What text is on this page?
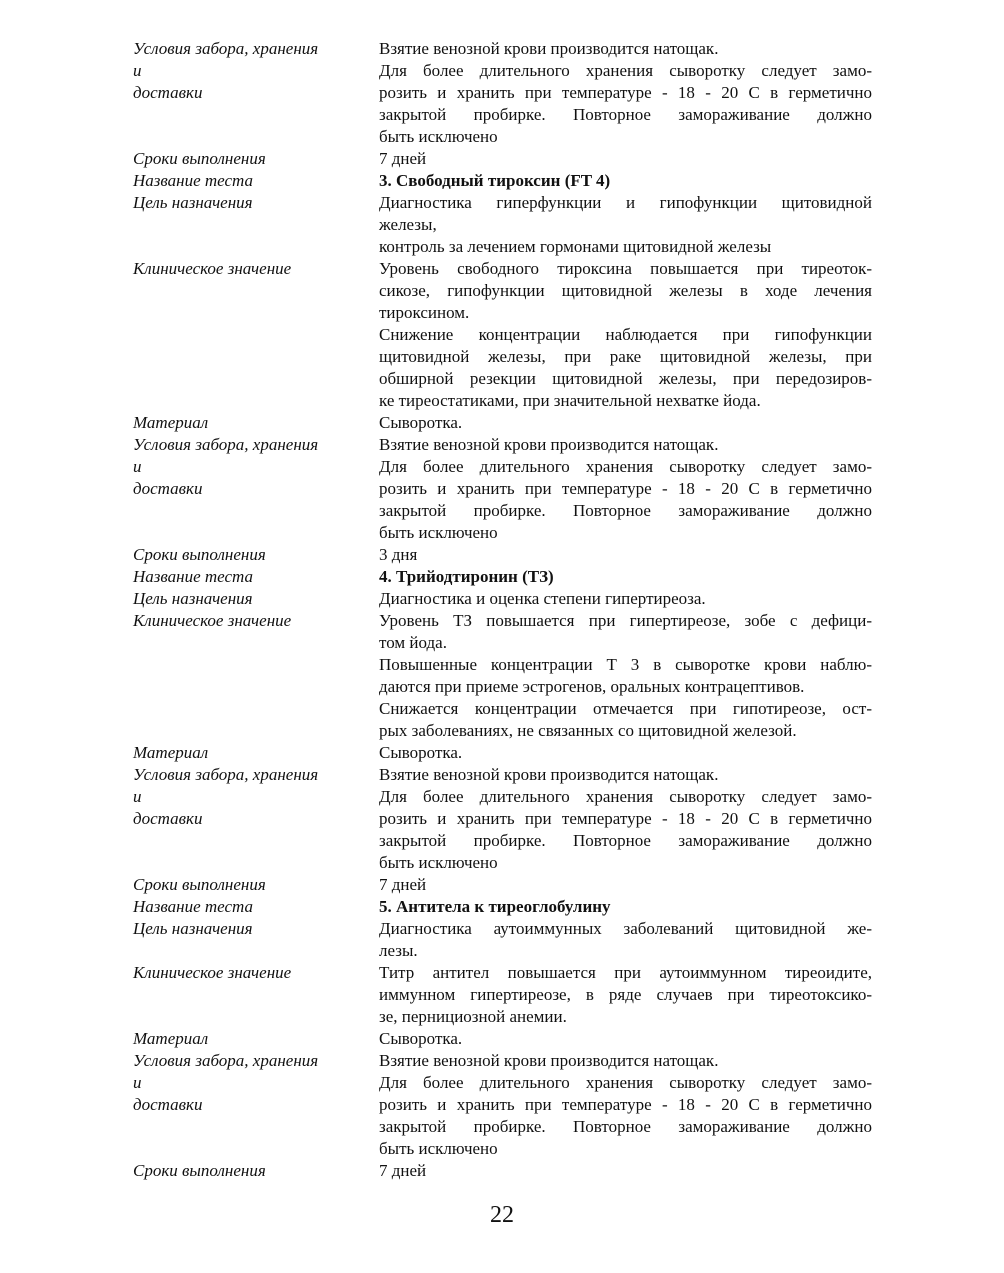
Условия забора, хранения	Взятие венозной крови производится натощак.
и	Для более длительного хранения сыворотку следует замо-
доставки	розить и хранить при температуре - 18 - 20 С в герметично
закрытой пробирке. Повторное замораживание должно
быть исключено
Сроки выполнения	7 дней
Название теста	3. Свободный тироксин (FT 4)
Цель назначения	Диагностика гиперфункции и гипофункции щитовидной
железы,
контроль за лечением гормонами щитовидной железы
Клиническое значение	Уровень свободного тироксина повышается при тиреоток-
сикозе, гипофункции щитовидной железы в ходе лечения
тироксином.
Снижение концентрации наблюдается при гипофункции
щитовидной железы, при раке щитовидной железы, при
обширной резекции щитовидной железы, при передозиров-
ке тиреостатиками, при значительной нехватке йода.
Материал	Сыворотка.
Условия забора, хранения	Взятие венозной крови производится натощак.
и	Для более длительного хранения сыворотку следует замо-
доставки	розить и хранить при температуре - 18 - 20 С в герметично
закрытой пробирке. Повторное замораживание должно
быть исключено
Сроки выполнения	3 дня
Название теста	4. Трийодтиронин (ТЗ)
Цель назначения	Диагностика и оценка степени гипертиреоза.
Клиническое значение	Уровень ТЗ повышается при гипертиреозе, зобе с дефици-
том йода.
Повышенные концентрации Т 3 в сыворотке крови наблю-
даются при приеме эстрогенов, оральных контрацептивов.
Снижается концентрации отмечается при гипотиреозе, ост-
рых заболеваниях, не связанных со щитовидной железой.
Материал	Сыворотка.
Условия забора, хранения	Взятие венозной крови производится натощак.
и	Для более длительного хранения сыворотку следует замо-
доставки	розить и хранить при температуре - 18 - 20 С в герметично
закрытой пробирке. Повторное замораживание должно
быть исключено
Сроки выполнения	7 дней
Название теста	5. Антитела к тиреоглобулину
Цель назначения	Диагностика аутоиммунных заболеваний щитовидной же-
лезы.
Клиническое значение	Титр антител повышается при аутоиммунном тиреоидите,
иммунном гипертиреозе, в ряде случаев при тиреотоксико-
зе, пернициозной анемии.
Материал	Сыворотка.
Условия забора, хранения	Взятие венозной крови производится натощак.
и	Для более длительного хранения сыворотку следует замо-
доставки	розить и хранить при температуре - 18 - 20 С в герметично
закрытой пробирке. Повторное замораживание должно
быть исключено
Сроки выполнения	7 дней
22
